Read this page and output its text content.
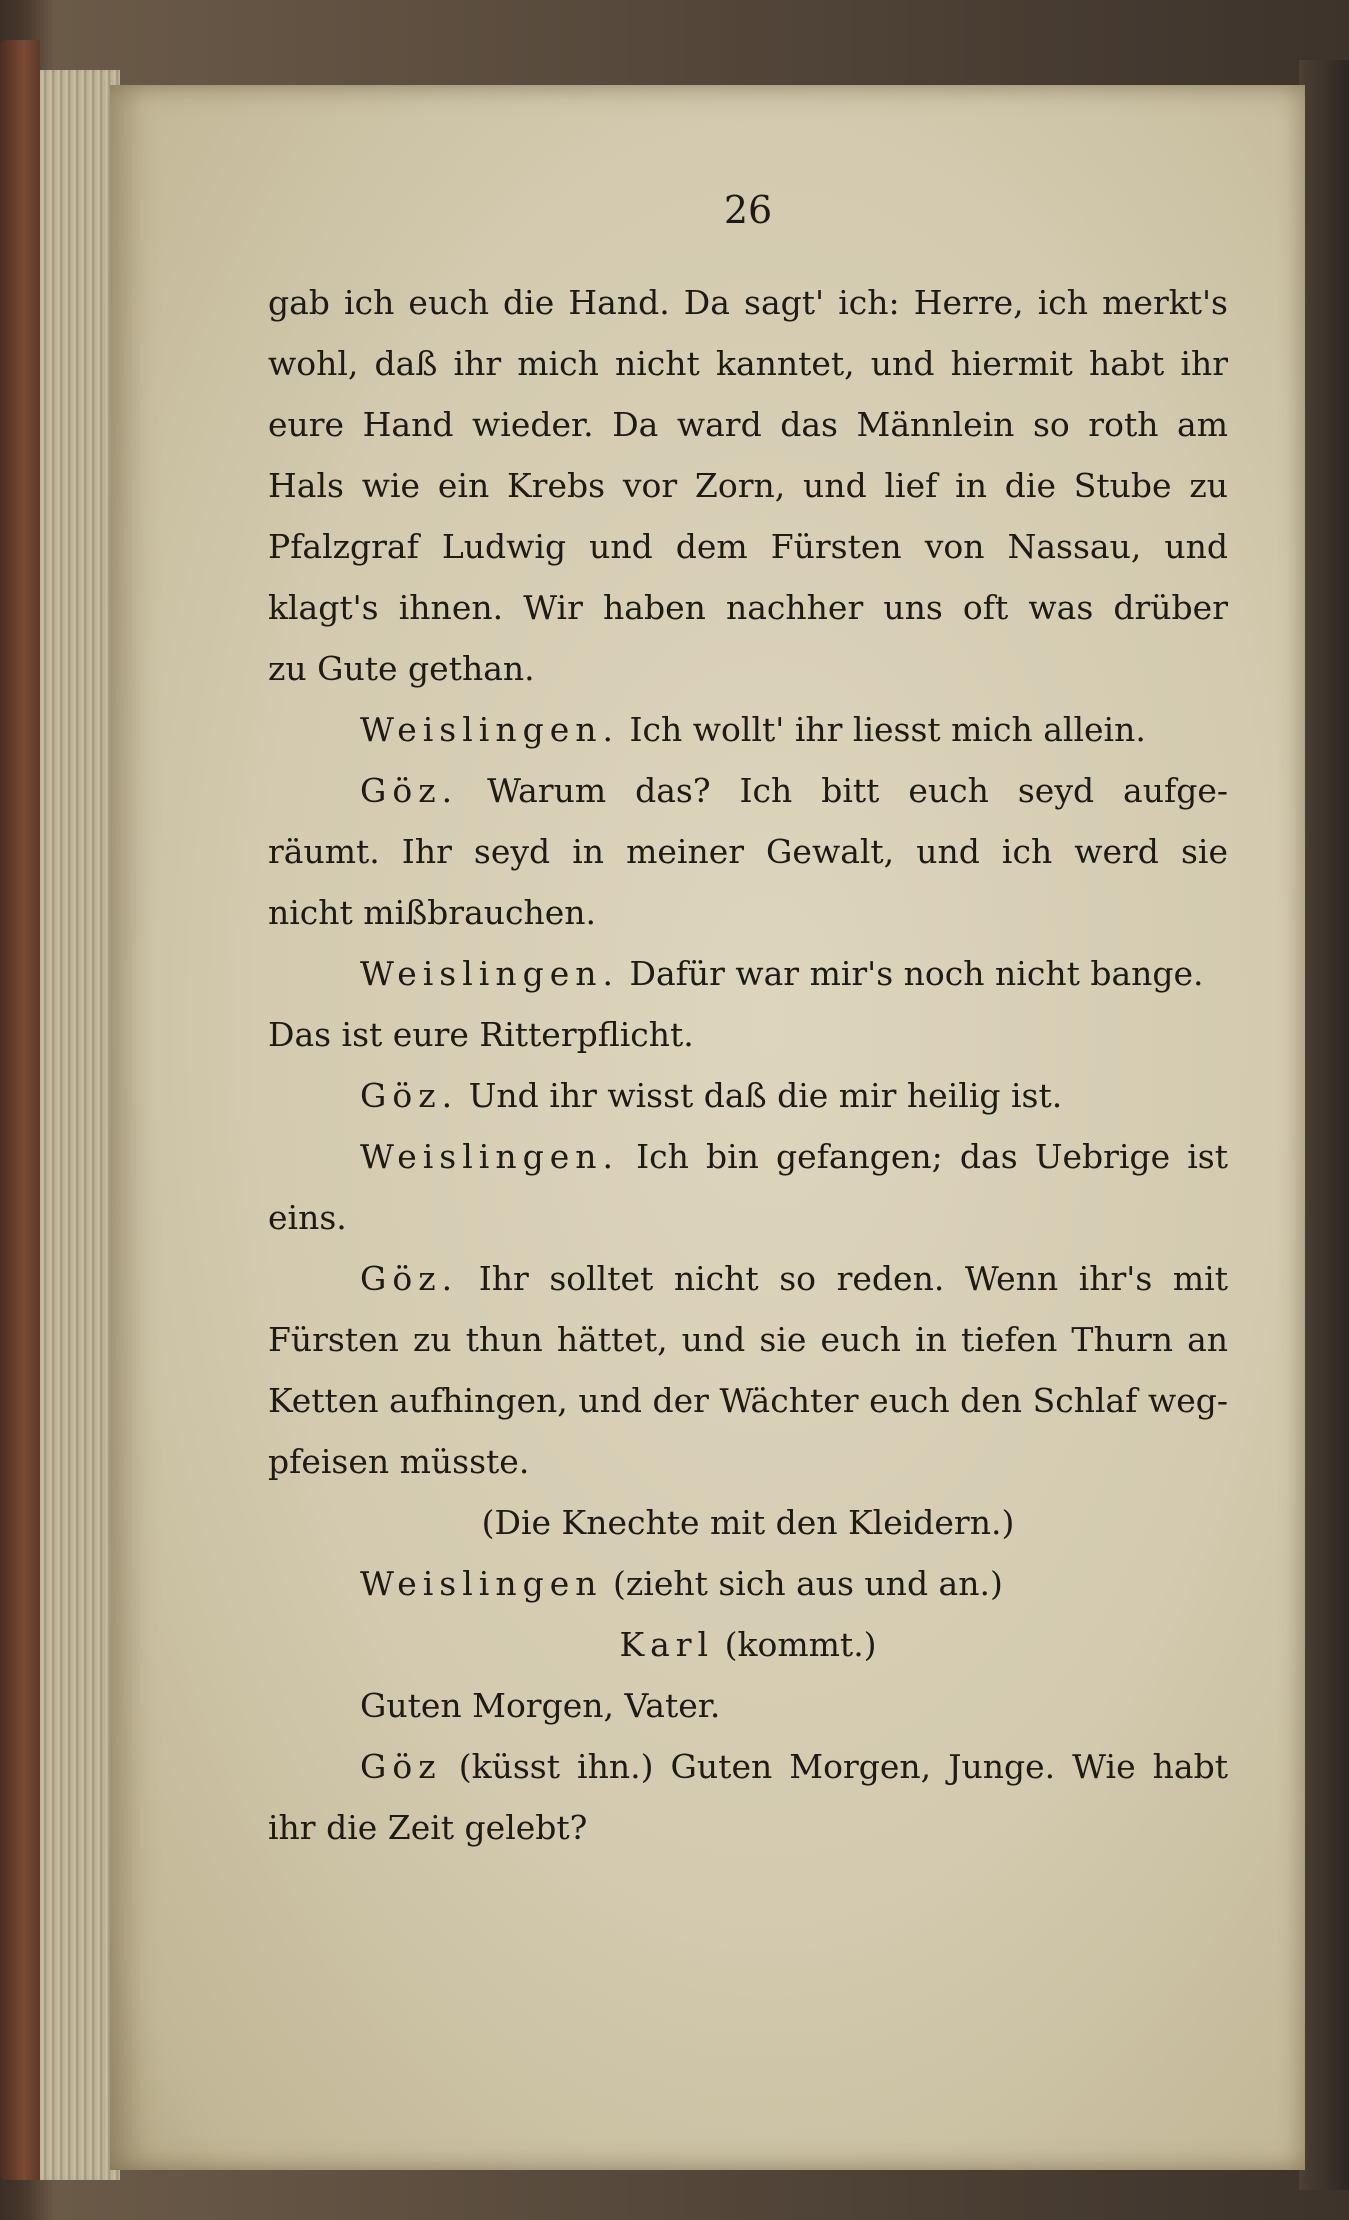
26
gab ich euch die Hand. Da sagt' ich: Herre, ich merkt's
wohl, daß ihr mich nicht kanntet, und hiermit habt ihr
eure Hand wieder. Da ward das Männlein so roth am
Hals wie ein Krebs vor Zorn, und lief in die Stube zu
Pfalzgraf Ludwig und dem Fürsten von Nassau, und
klagt's ihnen. Wir haben nachher uns oft was drüber
zu Gute gethan.
Weislingen. Ich wollt' ihr liesst mich allein.
Göz. Warum das? Ich bitt euch seyd aufge-
räumt. Ihr seyd in meiner Gewalt, und ich werd sie
nicht mißbrauchen.
Weislingen. Dafür war mir's noch nicht bange.
Das ist eure Ritterpflicht.
Göz. Und ihr wisst daß die mir heilig ist.
Weislingen. Ich bin gefangen; das Uebrige ist
eins.
Göz. Ihr solltet nicht so reden. Wenn ihr's mit
Fürsten zu thun hättet, und sie euch in tiefen Thurn an
Ketten aufhingen, und der Wächter euch den Schlaf weg-
pfeisen müsste.
(Die Knechte mit den Kleidern.)
Weislingen (zieht sich aus und an.)
Karl (kommt.)
Guten Morgen, Vater.
Göz (küsst ihn.) Guten Morgen, Junge. Wie habt
ihr die Zeit gelebt?
